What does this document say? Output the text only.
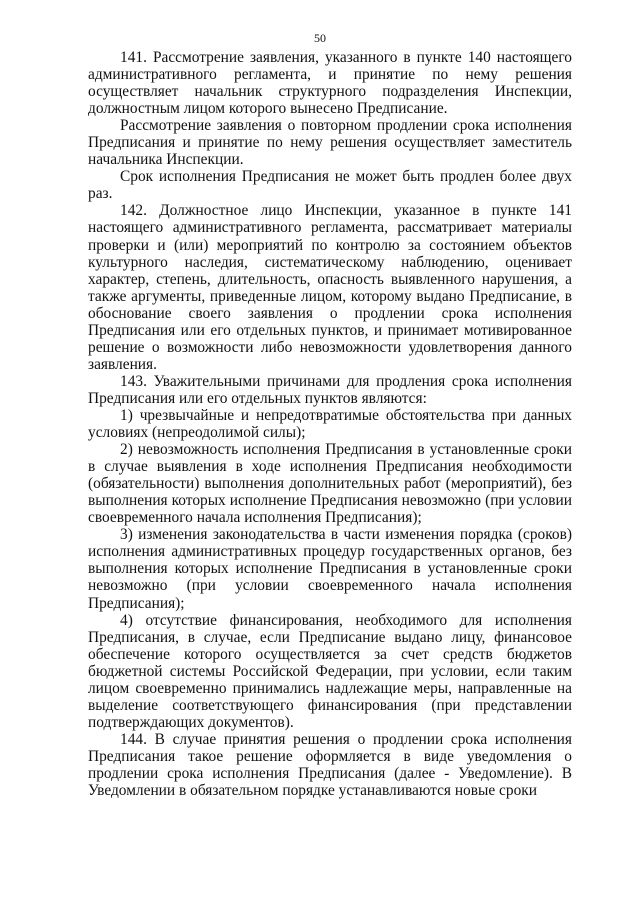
50

141. Рассмотрение заявления, указанного в пункте 140 настоящего административного регламента, и принятие по нему решения осуществляет начальник структурного подразделения Инспекции, должностным лицом которого вынесено Предписание.

Рассмотрение заявления о повторном продлении срока исполнения Предписания и принятие по нему решения осуществляет заместитель начальника Инспекции.

Срок исполнения Предписания не может быть продлен более двух раз.

142. Должностное лицо Инспекции, указанное в пункте 141 настоящего административного регламента, рассматривает материалы проверки и (или) мероприятий по контролю за состоянием объектов культурного наследия, систематическому наблюдению, оценивает характер, степень, длительность, опасность выявленного нарушения, а также аргументы, приведенные лицом, которому выдано Предписание, в обоснование своего заявления о продлении срока исполнения Предписания или его отдельных пунктов, и принимает мотивированное решение о возможности либо невозможности удовлетворения данного заявления.

143. Уважительными причинами для продления срока исполнения Предписания или его отдельных пунктов являются:

1) чрезвычайные и непредотвратимые обстоятельства при данных условиях (непреодолимой силы);

2) невозможность исполнения Предписания в установленные сроки в случае выявления в ходе исполнения Предписания необходимости (обязательности) выполнения дополнительных работ (мероприятий), без выполнения которых исполнение Предписания невозможно (при условии своевременного начала исполнения Предписания);

3) изменения законодательства в части изменения порядка (сроков) исполнения административных процедур государственных органов, без выполнения которых исполнение Предписания в установленные сроки невозможно (при условии своевременного начала исполнения Предписания);

4) отсутствие финансирования, необходимого для исполнения Предписания, в случае, если Предписание выдано лицу, финансовое обеспечение которого осуществляется за счет средств бюджетов бюджетной системы Российской Федерации, при условии, если таким лицом своевременно принимались надлежащие меры, направленные на выделение соответствующего финансирования (при представлении подтверждающих документов).

144. В случае принятия решения о продлении срока исполнения Предписания такое решение оформляется в виде уведомления о продлении срока исполнения Предписания (далее - Уведомление). В Уведомлении в обязательном порядке устанавливаются новые сроки
